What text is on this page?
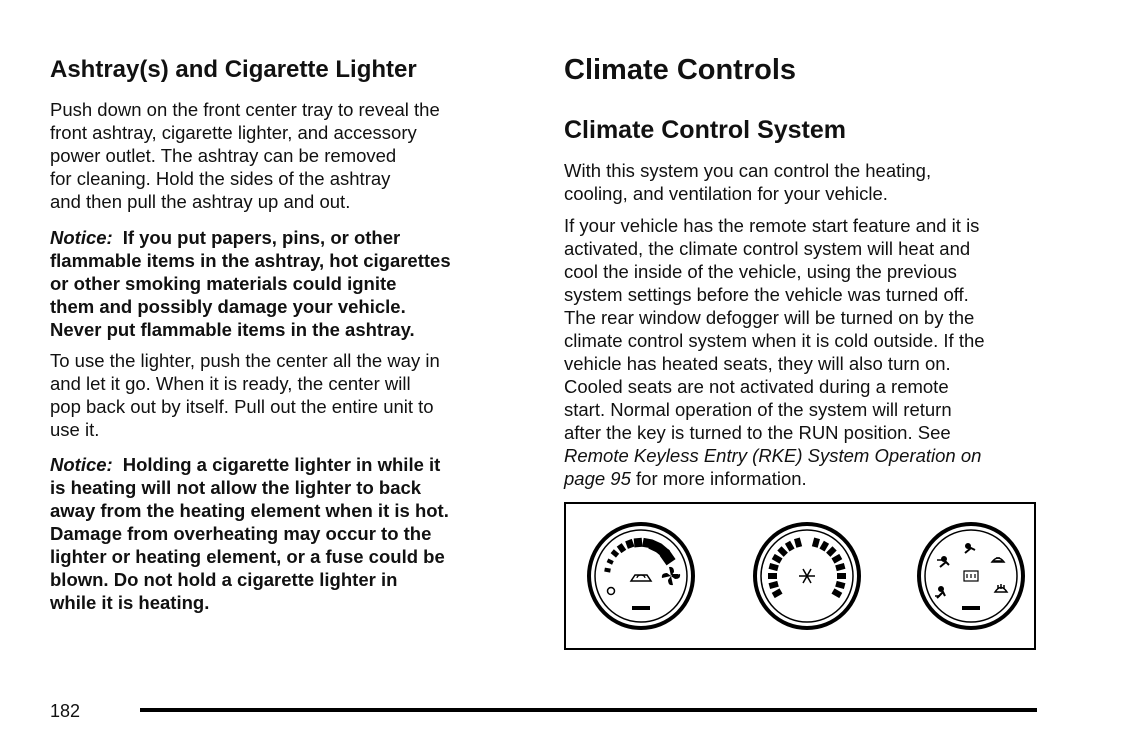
Ashtray(s) and Cigarette Lighter
Push down on the front center tray to reveal the
front ashtray, cigarette lighter, and accessory
power outlet. The ashtray can be removed
for cleaning. Hold the sides of the ashtray
and then pull the ashtray up and out.
Notice: If you put papers, pins, or other
flammable items in the ashtray, hot cigarettes
or other smoking materials could ignite
them and possibly damage your vehicle.
Never put flammable items in the ashtray.
To use the lighter, push the center all the way in
and let it go. When it is ready, the center will
pop back out by itself. Pull out the entire unit to
use it.
Notice: Holding a cigarette lighter in while it
is heating will not allow the lighter to back
away from the heating element when it is hot.
Damage from overheating may occur to the
lighter or heating element, or a fuse could be
blown. Do not hold a cigarette lighter in
while it is heating.
Climate Controls
Climate Control System
With this system you can control the heating,
cooling, and ventilation for your vehicle.
If your vehicle has the remote start feature and it is
activated, the climate control system will heat and
cool the inside of the vehicle, using the previous
system settings before the vehicle was turned off.
The rear window defogger will be turned on by the
climate control system when it is cold outside. If the
vehicle has heated seats, they will also turn on.
Cooled seats are not activated during a remote
start. Normal operation of the system will return
after the key is turned to the RUN position. See
Remote Keyless Entry (RKE) System Operation on
page 95 for more information.
182
